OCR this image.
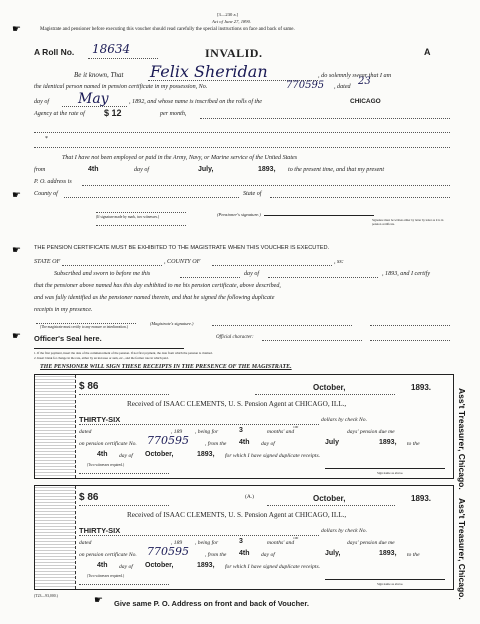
[3—230 a.]
Act of June 27, 1890.
☛	Magistrate and pensioner before executing this voucher should read carefully the special instructions on face and back of same.
A Roll No. 18634	INVALID.	A
Be it known, That Felix Sheridan	, do solemnly swear that I am
the identical person named in pension certificate in my possession, No.	770595 , dated 23
day of May	, 1892, and whose name is inscribed on the rolls of the	CHICAGO
Agency at the rate of $ 12	per month,
*
That I have not been employed or paid in the Army, Navy, or Marine service of the United States
from	4th	day of	July,	1893, to the present time, and that my present
P. O. address is
County of	State of
(If signature made by mark, two witnesses.)	(Pensioner's signature.)
Signature must be written either by letter by letter as it is in pension certificate.
☛
☛ THE PENSION CERTIFICATE MUST BE EXHIBITED TO THE MAGISTRATE WHEN THIS VOUCHER IS EXECUTED.
STATE OF	, COUNTY OF	, ss:
Subscribed and sworn to before me this	day of	, 1893, and I certify
that the pensioner above named has this day exhibited to me his pension certificate, above described,
and was fully identified as the pensioner named therein, and that he signed the following duplicate
receipts in my presence.
(The magistrate must certify to any erasure or interlineation.)
(Magistrate's signature.)
☛ Officer's Seal here.	Official character:
1. If the first payment, insert the date of the commencement of the pension. If not first payment, the date from which the pension is claimed.
2. Insert blank for change in the rate, either by an increase or sum, etc., and the former rate in which paid.
THE PENSIONER WILL SIGN THESE RECEIPTS IN THE PRESENCE OF THE MAGISTRATE.
$ 86	October,	1893.
Received of ISAAC CLEMENTS, U. S. Pension Agent at CHICAGO, ILL.,
THIRTY-SIX	dollars by check No.
100
dated	, 189 , being for	3	months' and	days' pension due me
on pension certificate No. 770595	, from the 4th day of	July	1893, to the
4th day of October,	1893, for which I have signed duplicate receipts.
(Two witnesses required.)
Sign name as above.
$ 86	(A.)	October,	1893.
Received of ISAAC CLEMENTS, U. S. Pension Agent at CHICAGO, ILL.,
THIRTY-SIX	dollars by check No.
100
dated	, 189 , being for	3	months' and	days' pension due me
on pension certificate No. 770595	, from the 4th day of	July,	1893, to the
4th day of October,	1893, for which I have signed duplicate receipts.
(Two witnesses required.)
Sign name as above.
Ass't Treasurer, Chicago.
Ass't Treasurer, Chicago.
(T23—93,000.)	☛ Give same P. O. Address on front and back of Voucher.
